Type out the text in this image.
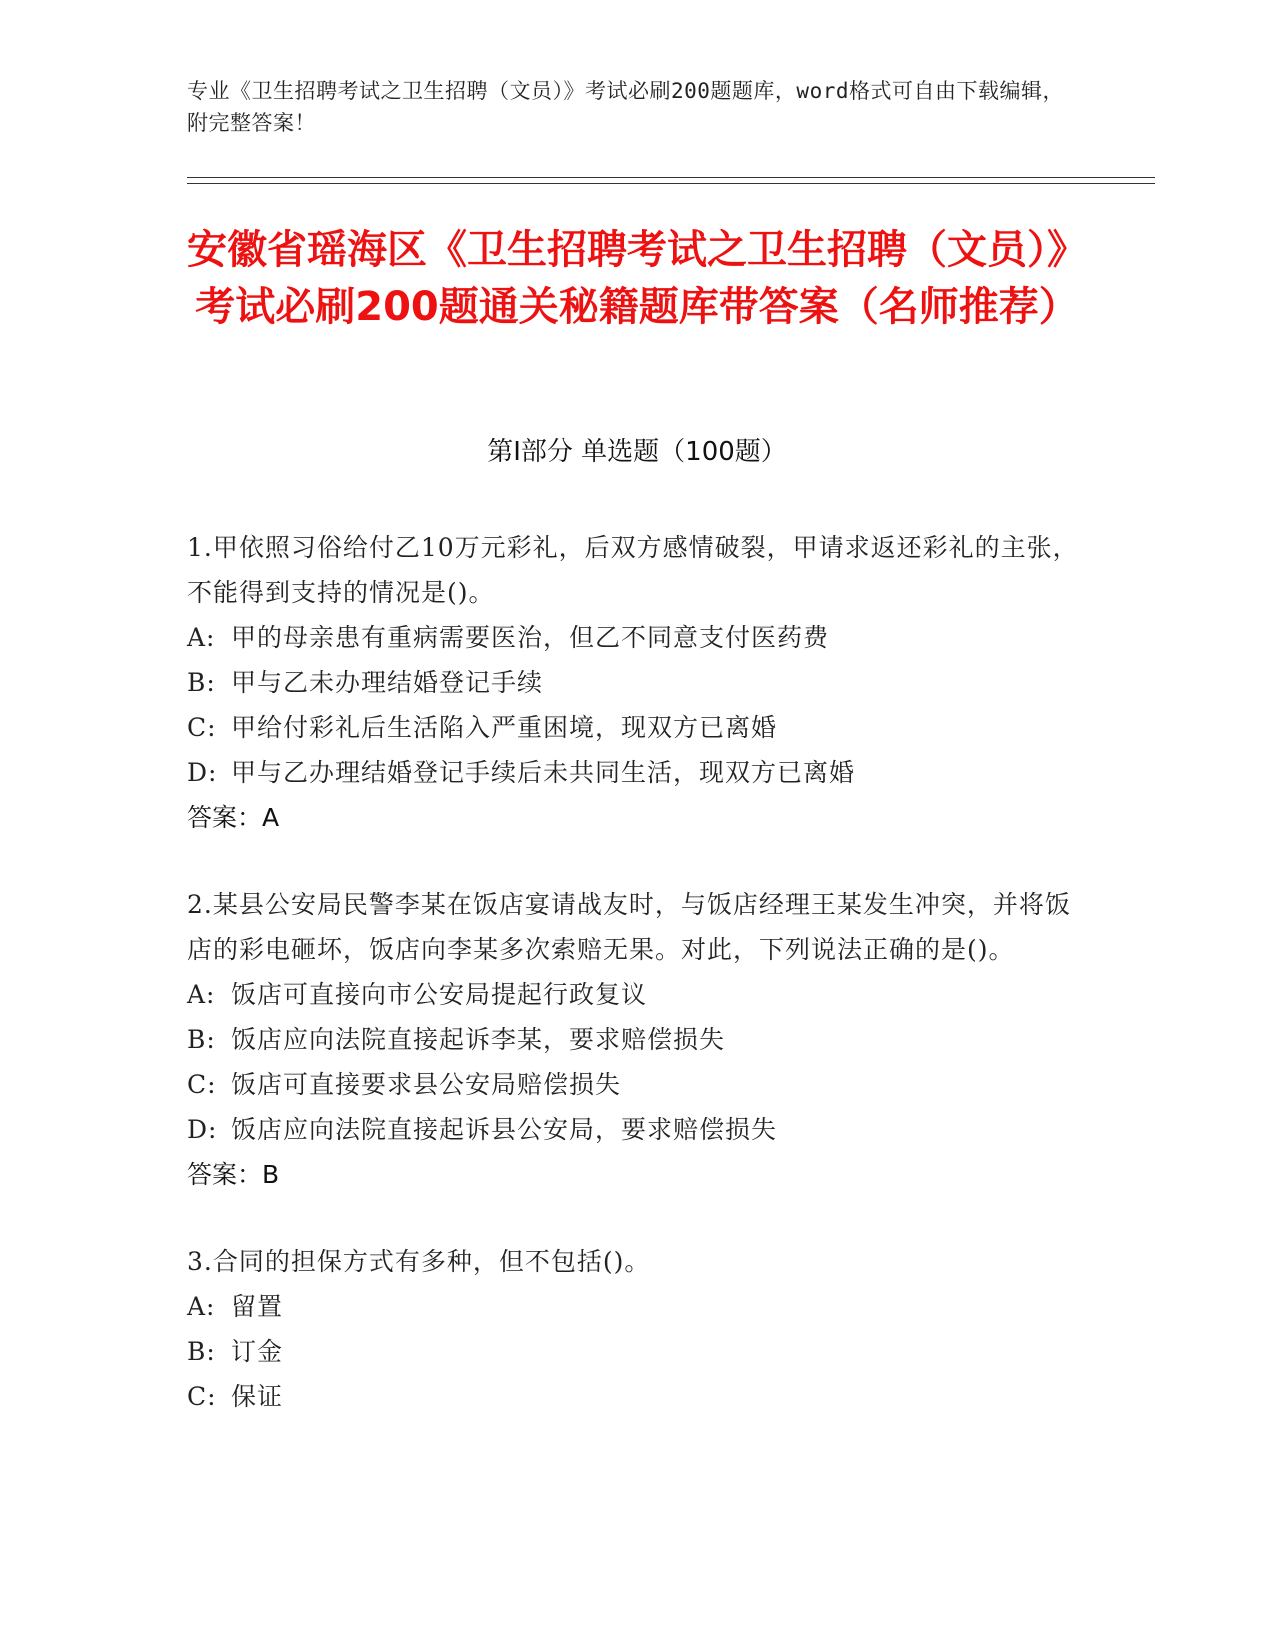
专业《卫生招聘考试之卫生招聘（文员）》考试必刷200题题库，word格式可自由下载编辑，附完整答案！
安徽省瑶海区《卫生招聘考试之卫生招聘（文员）》考试必刷200题通关秘籍题库带答案（名师推荐）
第Ⅰ部分 单选题（100题）
1.甲依照习俗给付乙10万元彩礼，后双方感情破裂，甲请求返还彩礼的主张，不能得到支持的情况是()。
A: 甲的母亲患有重病需要医治，但乙不同意支付医药费
B: 甲与乙未办理结婚登记手续
C: 甲给付彩礼后生活陷入严重困境，现双方已离婚
D: 甲与乙办理结婚登记手续后未共同生活，现双方已离婚
答案：A
2.某县公安局民警李某在饭店宴请战友时，与饭店经理王某发生冲突，并将饭店的彩电砸坏，饭店向李某多次索赔无果。对此，下列说法正确的是()。
A: 饭店可直接向市公安局提起行政复议
B: 饭店应向法院直接起诉李某，要求赔偿损失
C: 饭店可直接要求县公安局赔偿损失
D: 饭店应向法院直接起诉县公安局，要求赔偿损失
答案：B
3.合同的担保方式有多种，但不包括()。
A: 留置
B: 订金
C: 保证
